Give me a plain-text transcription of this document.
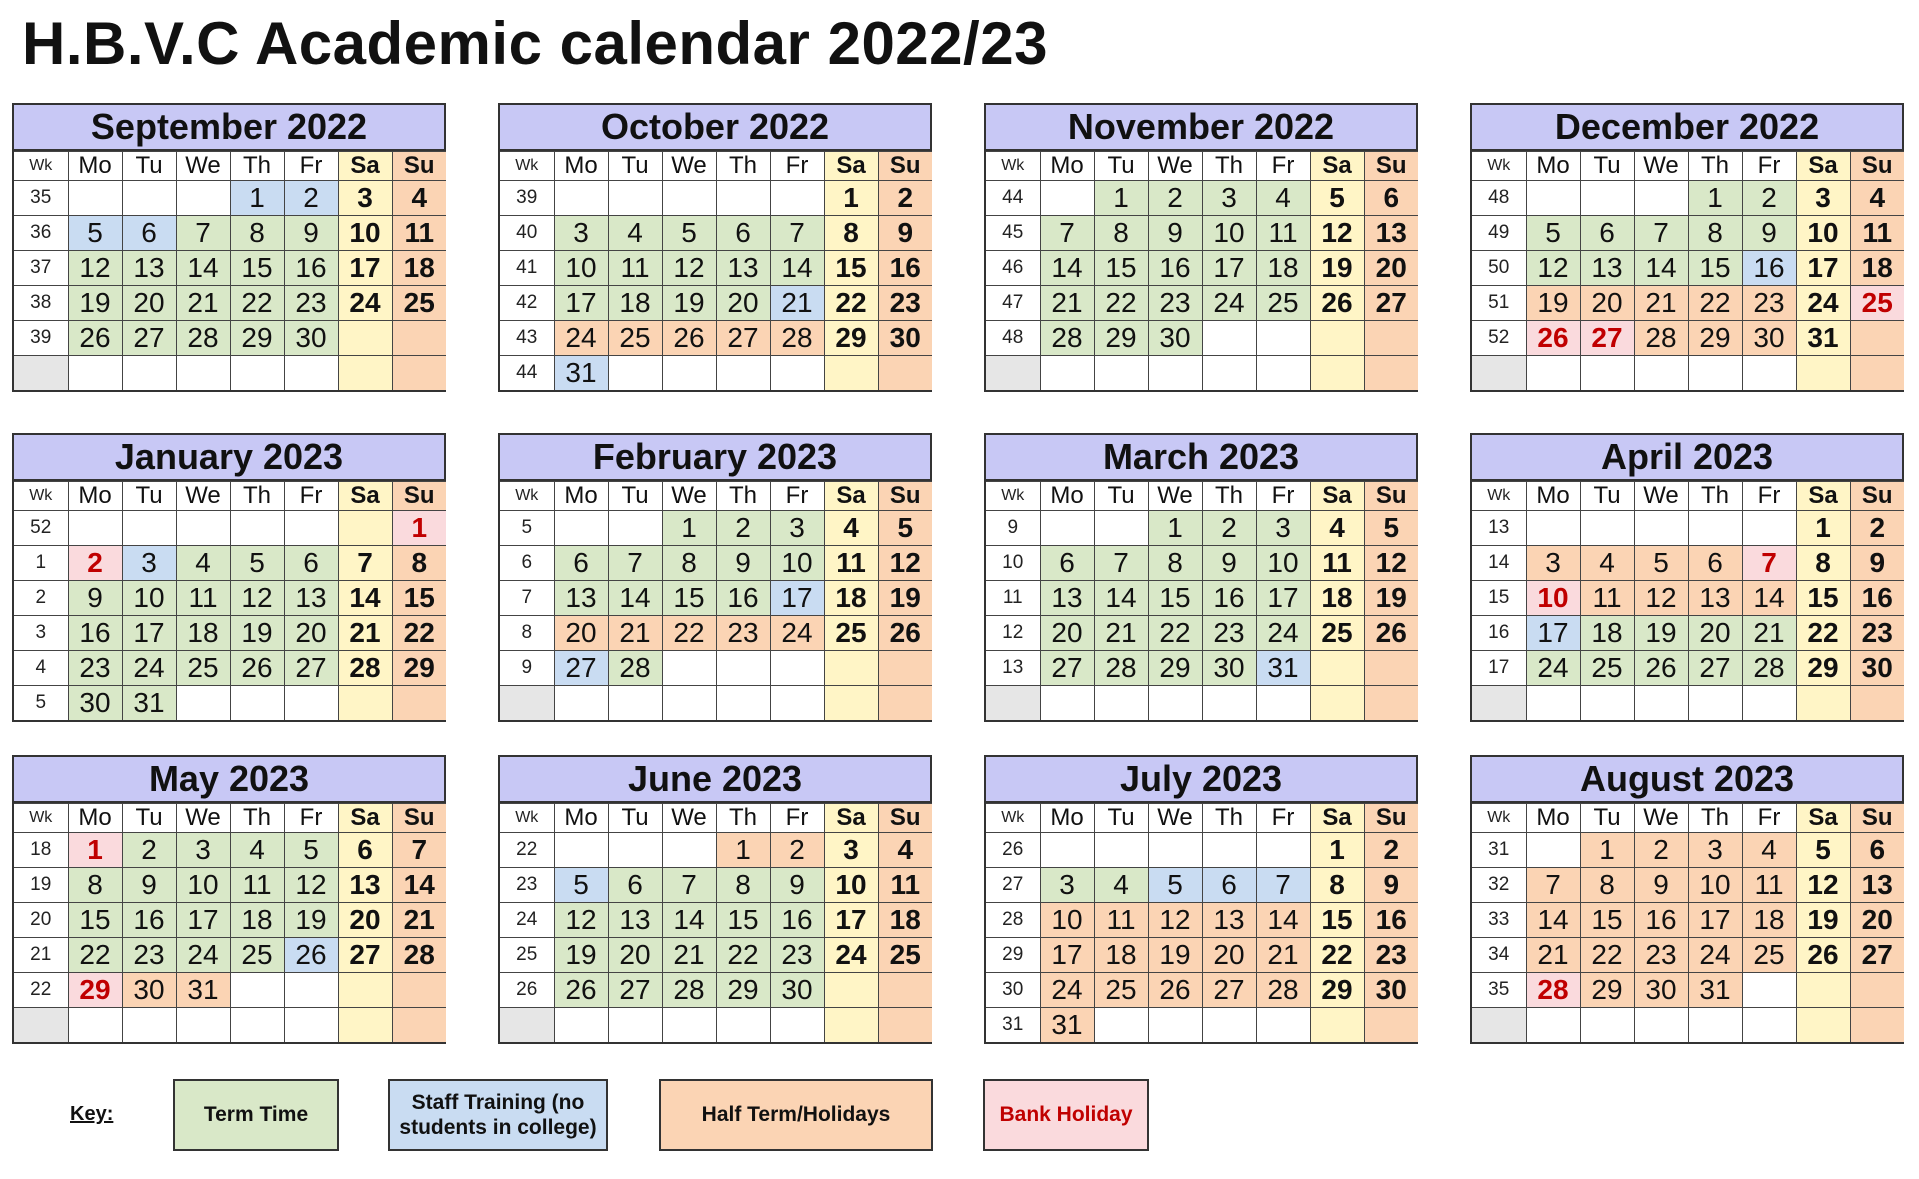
H.B.V.C Academic calendar 2022/23
September 2022
Wk	Mo	Tu	We	Th	Fr	Sa	Su
35				1	2	3	4
36	5	6	7	8	9	10	11
37	12	13	14	15	16	17	18
38	19	20	21	22	23	24	25
39	26	27	28	29	30		

October 2022
Wk	Mo	Tu	We	Th	Fr	Sa	Su
39						1	2
40	3	4	5	6	7	8	9
41	10	11	12	13	14	15	16
42	17	18	19	20	21	22	23
43	24	25	26	27	28	29	30
44	31						
November 2022
Wk	Mo	Tu	We	Th	Fr	Sa	Su
44		1	2	3	4	5	6
45	7	8	9	10	11	12	13
46	14	15	16	17	18	19	20
47	21	22	23	24	25	26	27
48	28	29	30				

December 2022
Wk	Mo	Tu	We	Th	Fr	Sa	Su
48				1	2	3	4
49	5	6	7	8	9	10	11
50	12	13	14	15	16	17	18
51	19	20	21	22	23	24	25
52	26	27	28	29	30	31	

January 2023
Wk	Mo	Tu	We	Th	Fr	Sa	Su
52							1
1	2	3	4	5	6	7	8
2	9	10	11	12	13	14	15
3	16	17	18	19	20	21	22
4	23	24	25	26	27	28	29
5	30	31					
February 2023
Wk	Mo	Tu	We	Th	Fr	Sa	Su
5			1	2	3	4	5
6	6	7	8	9	10	11	12
7	13	14	15	16	17	18	19
8	20	21	22	23	24	25	26
9	27	28					

March 2023
Wk	Mo	Tu	We	Th	Fr	Sa	Su
9			1	2	3	4	5
10	6	7	8	9	10	11	12
11	13	14	15	16	17	18	19
12	20	21	22	23	24	25	26
13	27	28	29	30	31		

April 2023
Wk	Mo	Tu	We	Th	Fr	Sa	Su
13						1	2
14	3	4	5	6	7	8	9
15	10	11	12	13	14	15	16
16	17	18	19	20	21	22	23
17	24	25	26	27	28	29	30

May 2023
Wk	Mo	Tu	We	Th	Fr	Sa	Su
18	1	2	3	4	5	6	7
19	8	9	10	11	12	13	14
20	15	16	17	18	19	20	21
21	22	23	24	25	26	27	28
22	29	30	31				

June 2023
Wk	Mo	Tu	We	Th	Fr	Sa	Su
22				1	2	3	4
23	5	6	7	8	9	10	11
24	12	13	14	15	16	17	18
25	19	20	21	22	23	24	25
26	26	27	28	29	30		

July 2023
Wk	Mo	Tu	We	Th	Fr	Sa	Su
26						1	2
27	3	4	5	6	7	8	9
28	10	11	12	13	14	15	16
29	17	18	19	20	21	22	23
30	24	25	26	27	28	29	30
31	31						
August 2023
Wk	Mo	Tu	We	Th	Fr	Sa	Su
31		1	2	3	4	5	6
32	7	8	9	10	11	12	13
33	14	15	16	17	18	19	20
34	21	22	23	24	25	26	27
35	28	29	30	31			

Key:	Term Time
Staff Training (no students in college)
Half Term/Holidays	Bank Holiday
